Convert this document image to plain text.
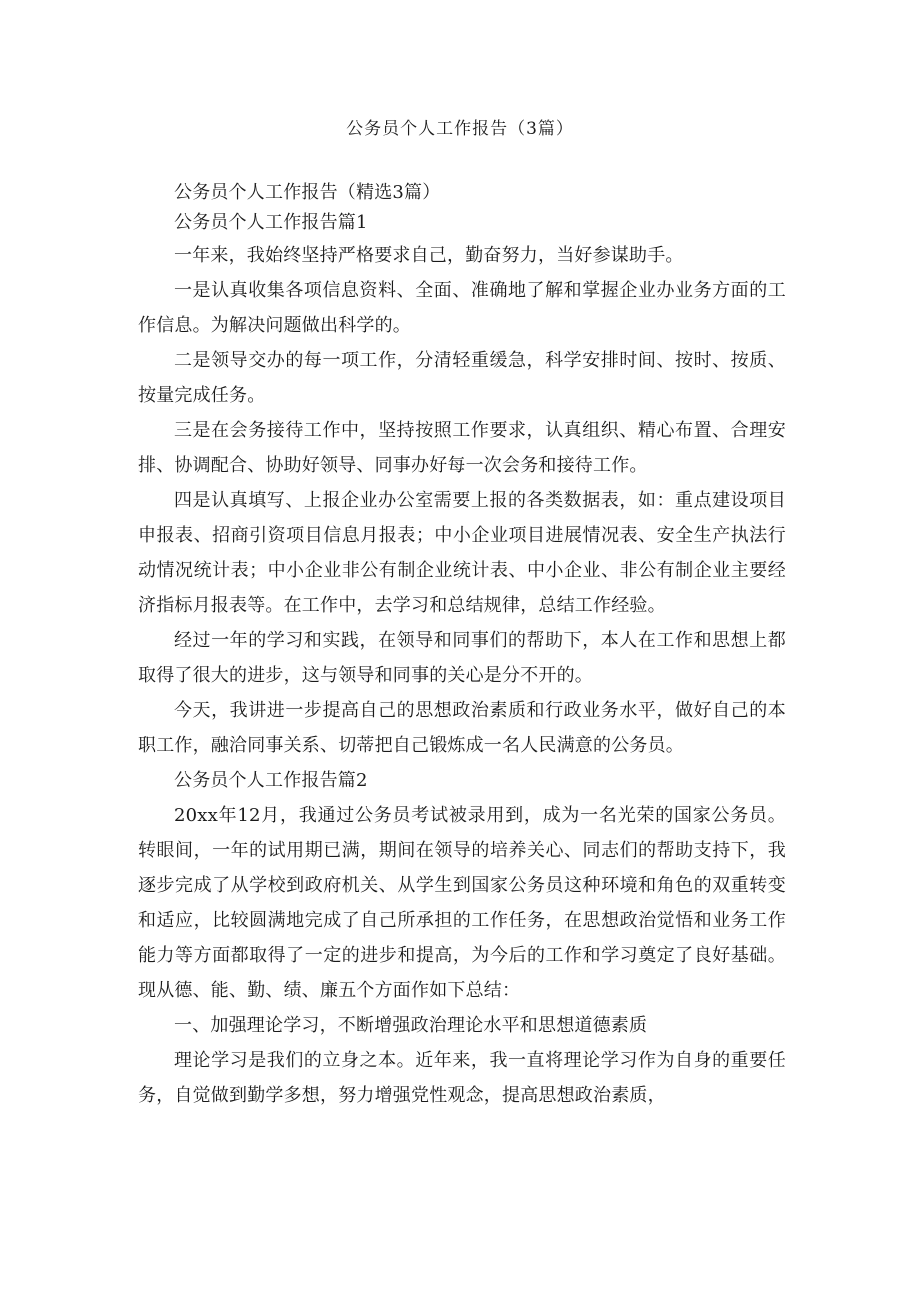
公务员个人工作报告（3篇）

公务员个人工作报告（精选3篇）

公务员个人工作报告篇1

一年来，我始终坚持严格要求自己，勤奋努力，当好参谋助手。

一是认真收集各项信息资料、全面、准确地了解和掌握企业办业务方面的工作信息。为解决问题做出科学的。

二是领导交办的每一项工作，分清轻重缓急，科学安排时间、按时、按质、按量完成任务。

三是在会务接待工作中，坚持按照工作要求，认真组织、精心布置、合理安排、协调配合、协助好领导、同事办好每一次会务和接待工作。

四是认真填写、上报企业办公室需要上报的各类数据表，如：重点建设项目申报表、招商引资项目信息月报表；中小企业项目进展情况表、安全生产执法行动情况统计表；中小企业非公有制企业统计表、中小企业、非公有制企业主要经济指标月报表等。在工作中，去学习和总结规律，总结工作经验。

经过一年的学习和实践，在领导和同事们的帮助下，本人在工作和思想上都取得了很大的进步，这与领导和同事的关心是分不开的。

今天，我讲进一步提高自己的思想政治素质和行政业务水平，做好自己的本职工作，融洽同事关系、切蒂把自己锻炼成一名人民满意的公务员。

公务员个人工作报告篇2

20xx年12月，我通过公务员考试被录用到，成为一名光荣的国家公务员。转眼间，一年的试用期已满，期间在领导的培养关心、同志们的帮助支持下，我逐步完成了从学校到政府机关、从学生到国家公务员这种环境和角色的双重转变和适应，比较圆满地完成了自己所承担的工作任务，在思想政治觉悟和业务工作能力等方面都取得了一定的进步和提高，为今后的工作和学习奠定了良好基础。现从德、能、勤、绩、廉五个方面作如下总结：

一、加强理论学习，不断增强政治理论水平和思想道德素质

理论学习是我们的立身之本。近年来，我一直将理论学习作为自身的重要任务，自觉做到勤学多想，努力增强党性观念，提高思想政治素质，
